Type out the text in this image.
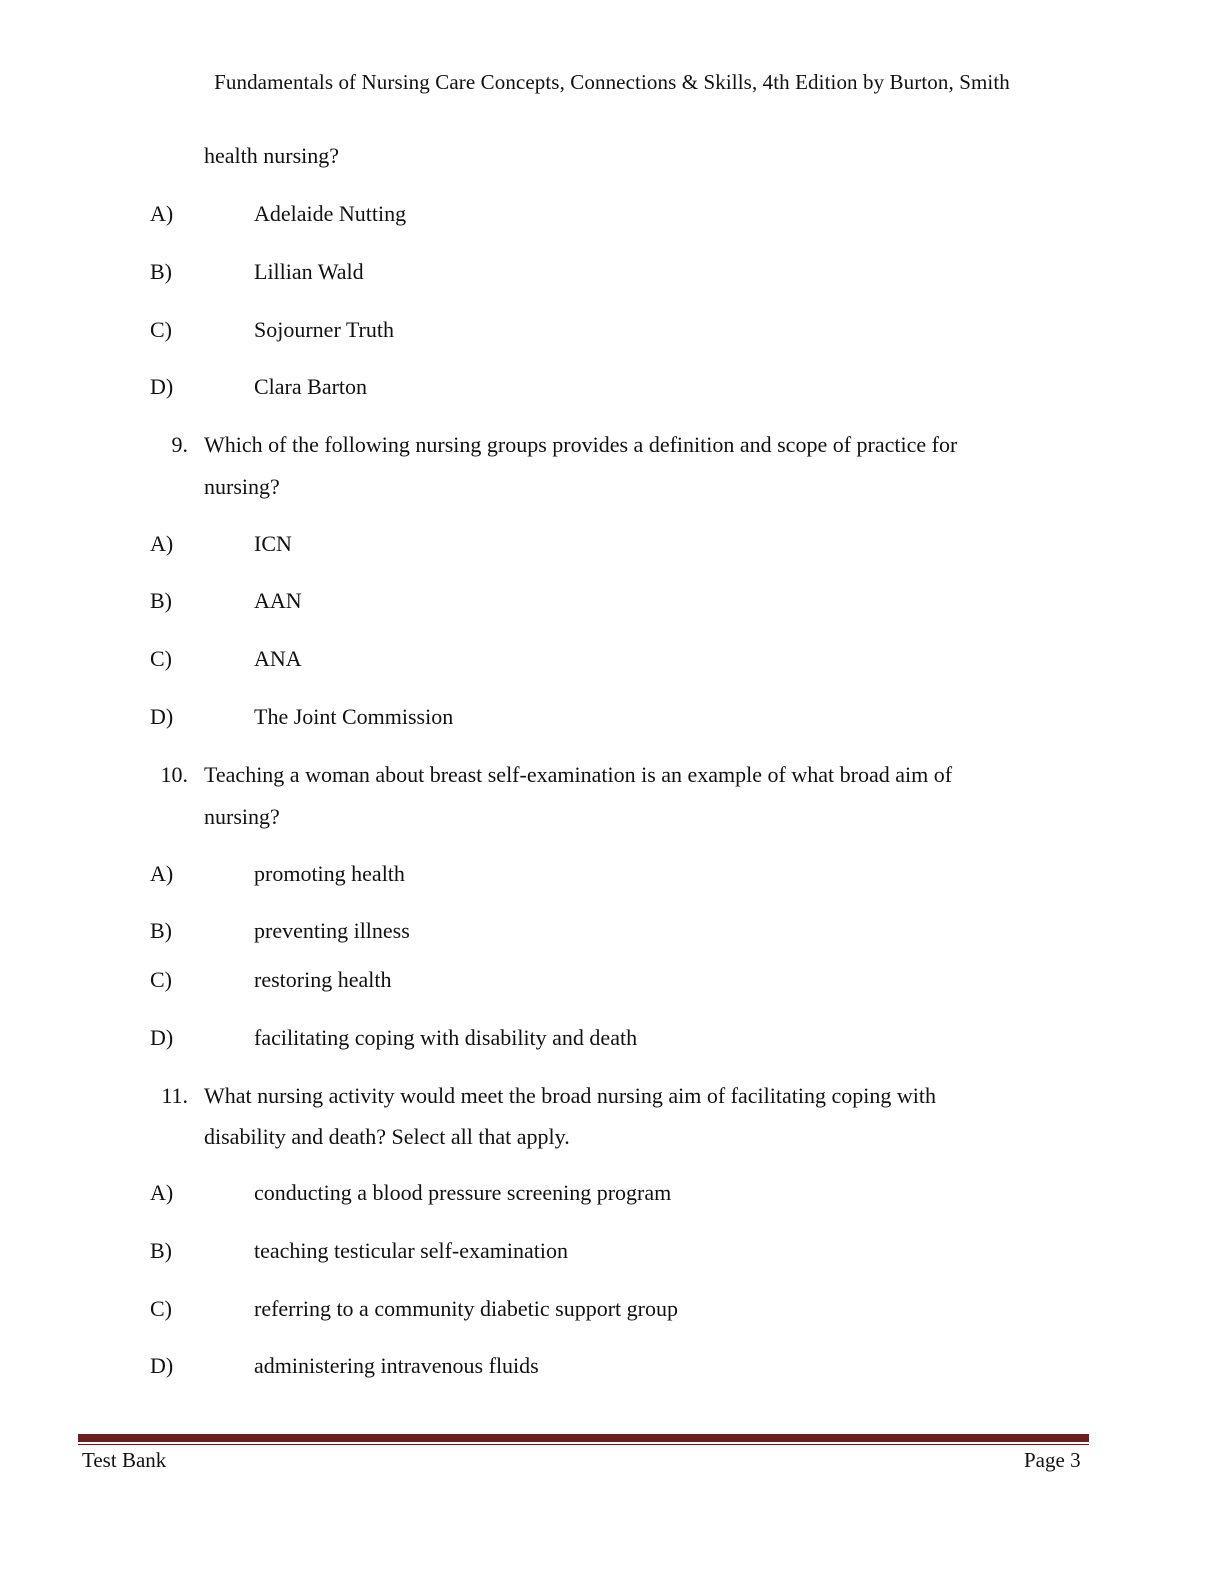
Fundamentals of Nursing Care Concepts, Connections & Skills, 4th Edition by Burton, Smith
health nursing?
A)	Adelaide Nutting
B)	Lillian Wald
C)	Sojourner Truth
D)	Clara Barton
9. Which of the following nursing groups provides a definition and scope of practice for
nursing?
A)	ICN
B)	AAN
C)	ANA
D)	The Joint Commission
10. Teaching a woman about breast self-examination is an example of what broad aim of
nursing?
A)	promoting health
B)	preventing illness
C)	restoring health
D)	facilitating coping with disability and death
11. What nursing activity would meet the broad nursing aim of facilitating coping with
disability and death? Select all that apply.
A)	conducting a blood pressure screening program
B)	teaching testicular self-examination
C)	referring to a community diabetic support group
D)	administering intravenous fluids
Test Bank	Page 3
